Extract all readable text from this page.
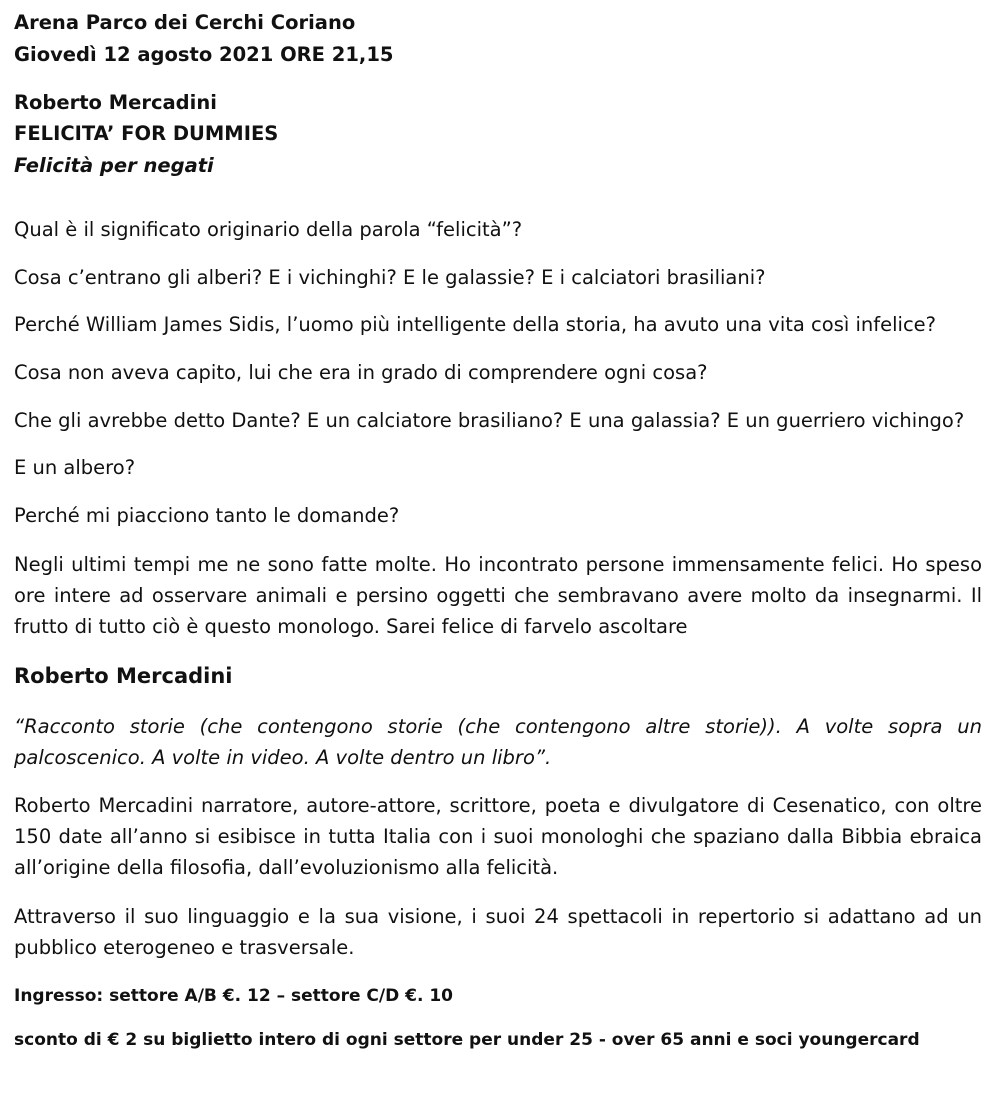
Arena Parco dei Cerchi Coriano
Giovedì 12 agosto 2021 ORE 21,15
Roberto Mercadini
FELICITA’ FOR DUMMIES
Felicità per negati
Qual è il significato originario della parola “felicità”?
Cosa c’entrano gli alberi? E i vichinghi? E le galassie? E i calciatori brasiliani?
Perché William James Sidis, l’uomo più intelligente della storia, ha avuto una vita così infelice?
Cosa non aveva capito, lui che era in grado di comprendere ogni cosa?
Che gli avrebbe detto Dante? E un calciatore brasiliano? E una galassia? E un guerriero vichingo?
E un albero?
Perché mi piacciono tanto le domande?
Negli ultimi tempi me ne sono fatte molte. Ho incontrato persone immensamente felici. Ho speso ore intere ad osservare animali e persino oggetti che sembravano avere molto da insegnarmi. Il frutto di tutto ciò è questo monologo. Sarei felice di farvelo ascoltare
Roberto Mercadini
“Racconto storie (che contengono storie (che contengono altre storie)). A volte sopra un palcoscenico. A volte in video. A volte dentro un libro”.
Roberto Mercadini narratore, autore-attore, scrittore, poeta e divulgatore di Cesenatico, con oltre 150 date all’anno si esibisce in tutta Italia con i suoi monologhi che spaziano dalla Bibbia ebraica all’origine della filosofia, dall’evoluzionismo alla felicità.
Attraverso il suo linguaggio e la sua visione, i suoi 24 spettacoli in repertorio si adattano ad un pubblico eterogeneo e trasversale.
Ingresso: settore A/B €. 12 – settore C/D €. 10
sconto di € 2 su biglietto intero di ogni settore per under 25 - over 65 anni e soci youngercard
